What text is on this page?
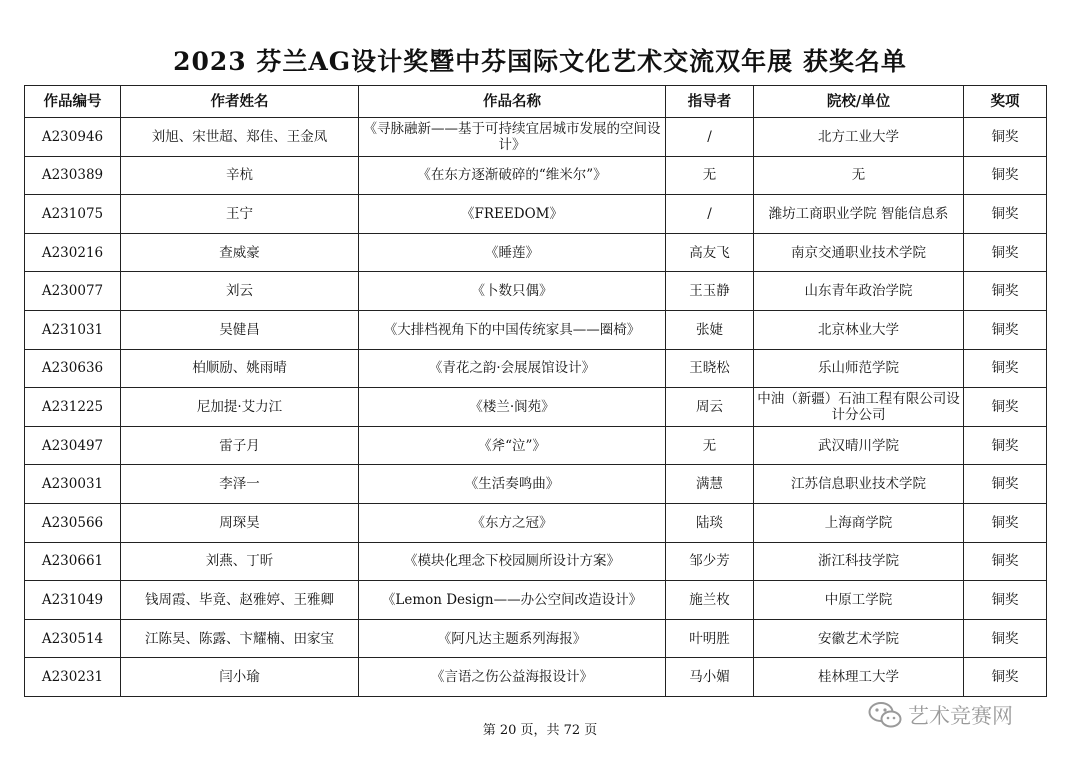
2023 芬兰AG设计奖暨中芬国际文化艺术交流双年展 获奖名单
作品编号	作者姓名	作品名称	指导者	院校/单位	奖项
A230946	刘旭、宋世超、郑佳、王金凤	《寻脉融新——基于可持续宜居城市发展的空间设计》	/	北方工业大学	铜奖
A230389	辛杭	《在东方逐渐破碎的“维米尔”》	无	无	铜奖
A231075	王宁	《FREEDOM》	/	潍坊工商职业学院 智能信息系	铜奖
A230216	查威豪	《睡莲》	高友飞	南京交通职业技术学院	铜奖
A230077	刘云	《卜数只偶》	王玉静	山东青年政治学院	铜奖
A231031	吴健昌	《大排档视角下的中国传统家具——圈椅》	张婕	北京林业大学	铜奖
A230636	柏顺励、姚雨晴	《青花之韵·会展展馆设计》	王晓松	乐山师范学院	铜奖
A231225	尼加提·艾力江	《楼兰·阆苑》	周云	中油（新疆）石油工程有限公司设计分公司	铜奖
A230497	雷子月	《斧“泣”》	无	武汉晴川学院	铜奖
A230031	李泽一	《生活奏鸣曲》	满慧	江苏信息职业技术学院	铜奖
A230566	周琛昊	《东方之冠》	陆琰	上海商学院	铜奖
A230661	刘燕、丁昕	《模块化理念下校园厕所设计方案》	邹少芳	浙江科技学院	铜奖
A231049	钱周霞、毕竟、赵雅婷、王雅卿	《Lemon Design——办公空间改造设计》	施兰枚	中原工学院	铜奖
A230514	江陈昊、陈露、卞耀楠、田家宝	《阿凡达主题系列海报》	叶明胜	安徽艺术学院	铜奖
A230231	闫小瑜	《言语之伤公益海报设计》	马小媚	桂林理工大学	铜奖
第 20 页，共 72 页
艺术竞赛网
